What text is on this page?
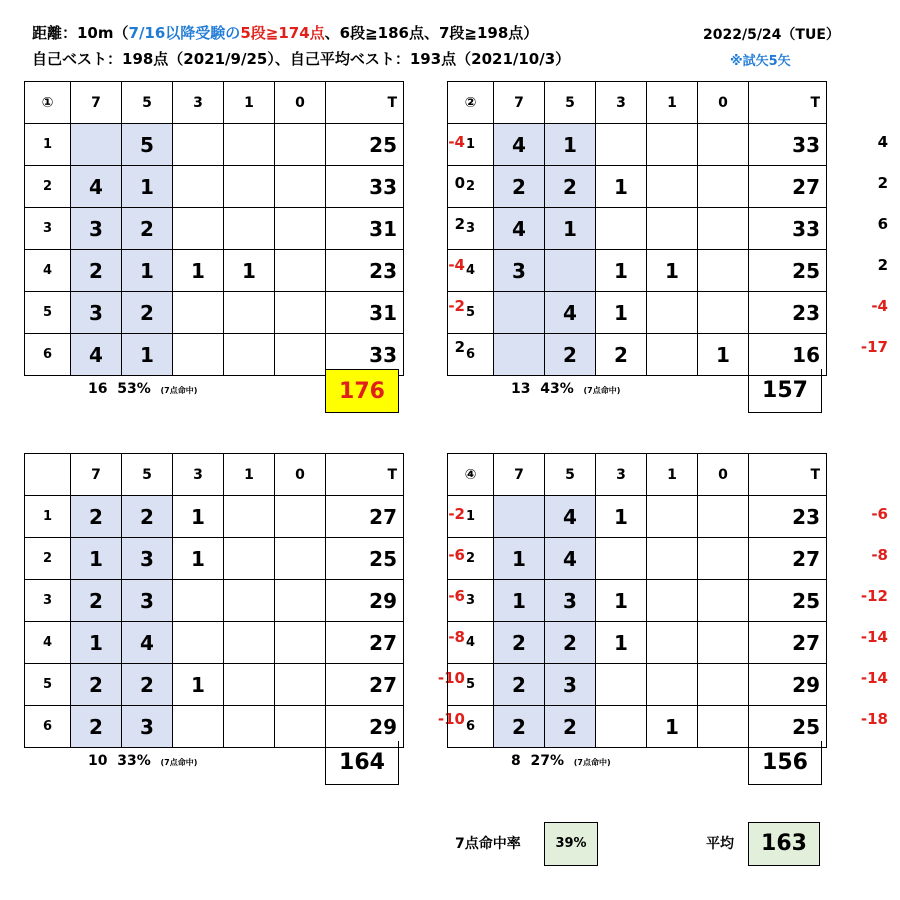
距離：10m（7/16以降受験の5段≧174点、6段≧186点、7段≧198点）
自己ベスト：198点（2021/9/25）、自己平均ベスト：193点（2021/10/3）
2022/5/24（TUE）
※試矢5矢
-4
0
2
-4
-2
2
①	7	5	3	1	0	T
1		5				25
2	4	1				33
3	3	2				31
4	2	1	1	1		23
5	3	2				31
6	4	1				33
16 53% (7点命中)	176
4
2
6
2
-4
-17
②	7	5	3	1	0	T
1	4	1				33
2	2	2	1			27
3	4	1				33
4	3		1	1		25
5		4	1			23
6		2	2		1	16
13 43% (7点命中)	157
-2
-6
-6
-8
-10
-10
	7	5	3	1	0	T
1	2	2	1			27
2	1	3	1			25
3	2	3				29
4	1	4				27
5	2	2	1			27
6	2	3				29
10 33% (7点命中)	164
-6
-8
-12
-14
-14
-18
④	7	5	3	1	0	T
1		4	1			23
2	1	4				27
3	1	3	1			25
4	2	2	1			27
5	2	3				29
6	2	2		1		25
8 27% (7点命中)	156
7点命中率	39%	平均	163
